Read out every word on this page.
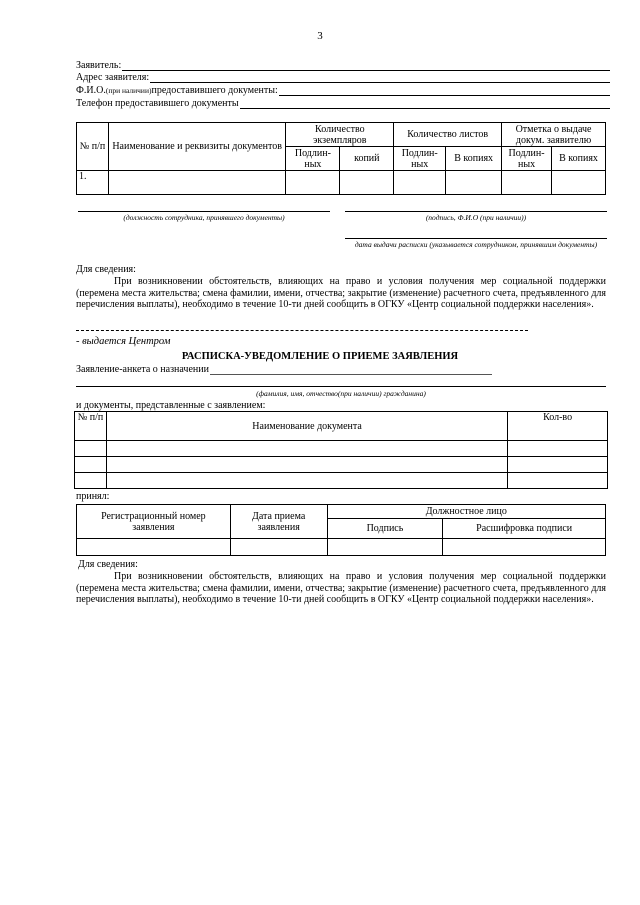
3
Заявитель:
Адрес заявителя:
Ф.И.О. (при наличии) предоставившего документы:
Телефон предоставившего документы
№ п/п	Наименование и реквизиты документов	Количество экземпляров		Количество листов		Отметка о выдаче докум. заявителю	
		Подлин-ных	копий	Подлин-ных	В копиях	Подлин-ных	В копиях
1.							
(должность сотрудника, принявшего документы)	(подпись, Ф.И.О (при наличии))
дата выдачи расписки (указывается сотрудником, принявшим документы)
Для сведения:
При возникновении обстоятельств, влияющих на право и условия получения мер социальной поддержки (перемена места жительства; смена фамилии, имени, отчества; закрытие (изменение) расчетного счета, предъявленного для перечисления выплаты), необходимо в течение 10-ти дней сообщить в ОГКУ «Центр социальной поддержки населения».
- выдается Центром
РАСПИСКА-УВЕДОМЛЕНИЕ О ПРИЕМЕ ЗАЯВЛЕНИЯ
Заявление-анкета о назначении
(фамилия, имя, отчество(при наличии) гражданина)
и документы, представленные с заявлением:
№ п/п	Наименование документа	Кол-во

принял:
Регистрационный номер заявления	Дата приема заявления	Должностное лицо	
		Подпись	Расшифровка подписи

Для сведения:
При возникновении обстоятельств, влияющих на право и условия получения мер социальной поддержки (перемена места жительства; смена фамилии, имени, отчества; закрытие (изменение) расчетного счета, предъявленного для перечисления выплаты), необходимо в течение 10-ти дней сообщить в ОГКУ «Центр социальной поддержки населения».
